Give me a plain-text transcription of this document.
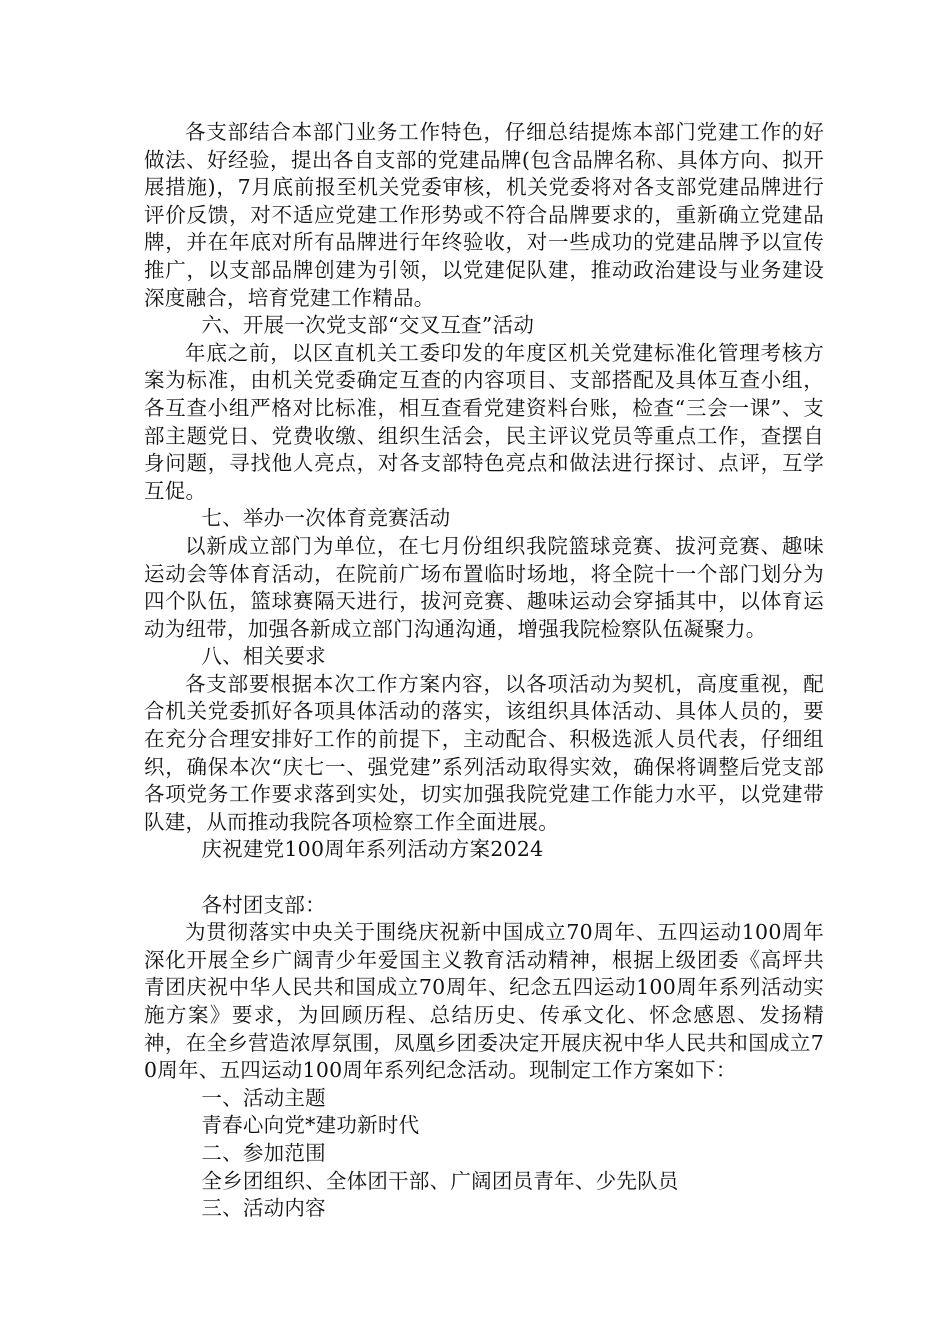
各支部结合本部门业务工作特色，仔细总结提炼本部门党建工作的好做法、好经验，提出各自支部的党建品牌(包含品牌名称、具体方向、拟开展措施)，7月底前报至机关党委审核，机关党委将对各支部党建品牌进行评价反馈，对不适应党建工作形势或不符合品牌要求的，重新确立党建品牌，并在年底对所有品牌进行年终验收，对一些成功的党建品牌予以宣传推广，以支部品牌创建为引领，以党建促队建，推动政治建设与业务建设深度融合，培育党建工作精品。

六、开展一次党支部“交叉互查”活动

年底之前，以区直机关工委印发的年度区机关党建标准化管理考核方案为标准，由机关党委确定互查的内容项目、支部搭配及具体互查小组，各互查小组严格对比标准，相互查看党建资料台账，检查“三会一课”、支部主题党日、党费收缴、组织生活会，民主评议党员等重点工作，查摆自身问题，寻找他人亮点，对各支部特色亮点和做法进行探讨、点评，互学互促。

七、举办一次体育竞赛活动

以新成立部门为单位，在七月份组织我院篮球竞赛、拔河竞赛、趣味运动会等体育活动，在院前广场布置临时场地，将全院十一个部门划分为四个队伍，篮球赛隔天进行，拔河竞赛、趣味运动会穿插其中，以体育运动为纽带，加强各新成立部门沟通沟通，增强我院检察队伍凝聚力。

八、相关要求

各支部要根据本次工作方案内容，以各项活动为契机，高度重视，配合机关党委抓好各项具体活动的落实，该组织具体活动、具体人员的，要在充分合理安排好工作的前提下，主动配合、积极选派人员代表，仔细组织，确保本次“庆七一、强党建”系列活动取得实效，确保将调整后党支部各项党务工作要求落到实处，切实加强我院党建工作能力水平，以党建带队建，从而推动我院各项检察工作全面进展。

庆祝建党100周年系列活动方案2024

各村团支部：

为贯彻落实中央关于围绕庆祝新中国成立70周年、五四运动100周年深化开展全乡广阔青少年爱国主义教育活动精神，根据上级团委《高坪共青团庆祝中华人民共和国成立70周年、纪念五四运动100周年系列活动实施方案》要求，为回顾历程、总结历史、传承文化、怀念感恩、发扬精神，在全乡营造浓厚氛围，凤凰乡团委决定开展庆祝中华人民共和国成立70周年、五四运动100周年系列纪念活动。现制定工作方案如下：

一、活动主题

青春心向党*建功新时代

二、参加范围

全乡团组织、全体团干部、广阔团员青年、少先队员

三、活动内容
